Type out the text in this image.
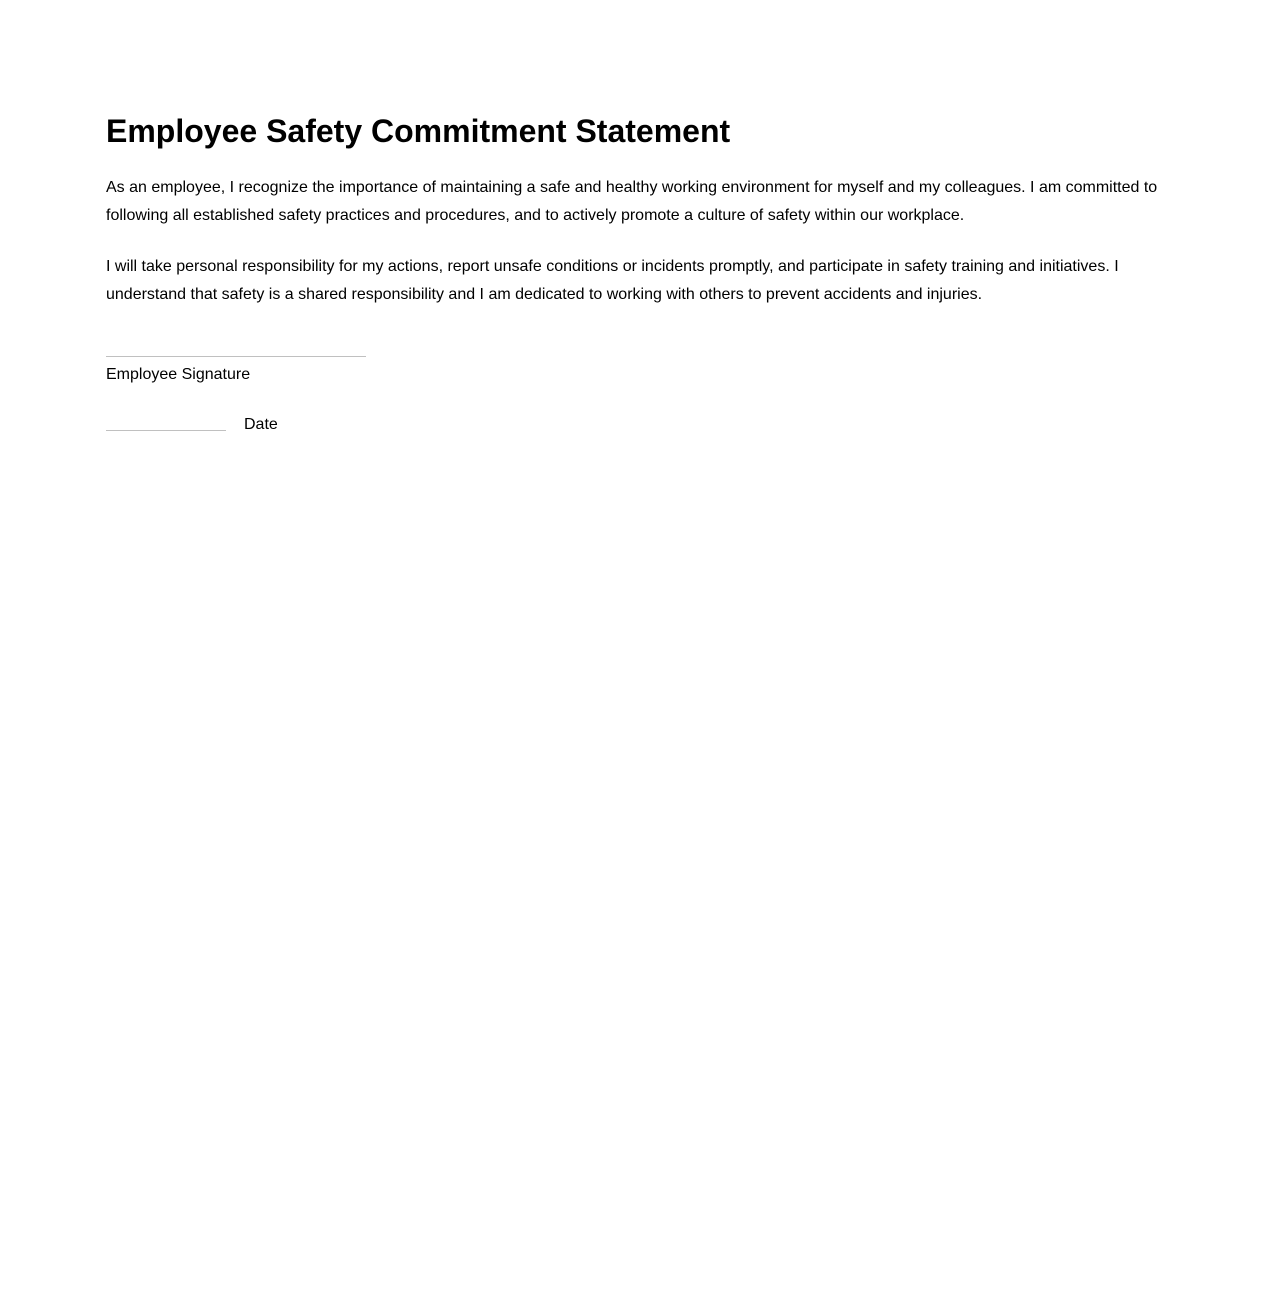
Employee Safety Commitment Statement

As an employee, I recognize the importance of maintaining a safe and healthy working environment for myself and my colleagues. I am committed to following all established safety practices and procedures, and to actively promote a culture of safety within our workplace.

I will take personal responsibility for my actions, report unsafe conditions or incidents promptly, and participate in safety training and initiatives. I understand that safety is a shared responsibility and I am dedicated to working with others to prevent accidents and injuries.

Employee Signature
Date
